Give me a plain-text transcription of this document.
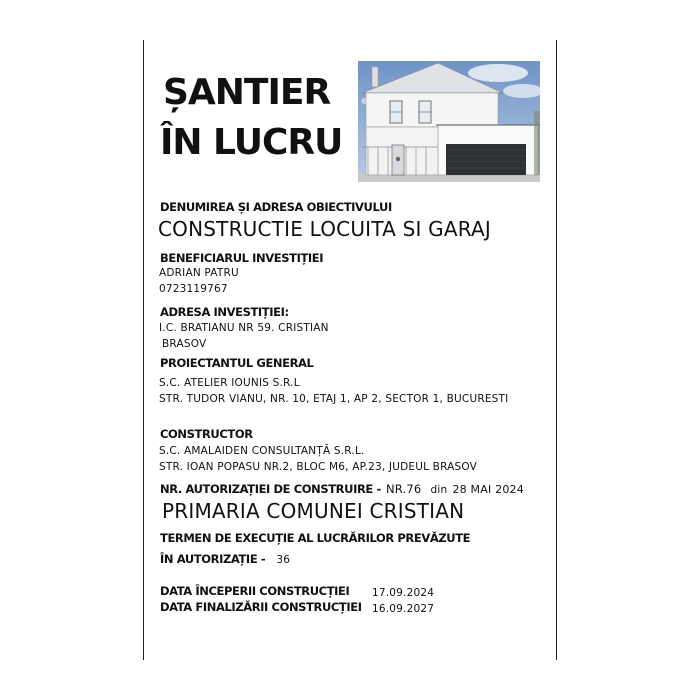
ȘANTIER
ÎN LUCRU
DENUMIREA ȘI ADRESA OBIECTIVULUI
CONSTRUCTIE LOCUITA SI GARAJ
BENEFICIARUL INVESTIȚIEI
ADRIAN PATRU
0723119767
ADRESA INVESTIȚIEI:
I.C. BRATIANU NR 59. CRISTIAN
BRASOV
PROIECTANTUL GENERAL
S.C. ATELIER IOUNIS S.R.L
STR. TUDOR VIANU, NR. 10, ETAJ 1, AP 2, SECTOR 1, BUCURESTI
CONSTRUCTOR
S.C. AMALAIDEN CONSULTANȚĂ S.R.L.
STR. IOAN POPASU NR.2, BLOC M6, AP.23, JUDEUL BRASOV
NR. AUTORIZAȚIEI DE CONSTRUIRE - NR.76 din 28 MAI 2024
PRIMARIA COMUNEI CRISTIAN
TERMEN DE EXECUȚIE AL LUCRĂRILOR PREVĂZUTE
ÎN AUTORIZAȚIE - 36
DATA ÎNCEPERII CONSTRUCȚIEI 17.09.2024
DATA FINALIZĂRII CONSTRUCȚIEI 16.09.2027
